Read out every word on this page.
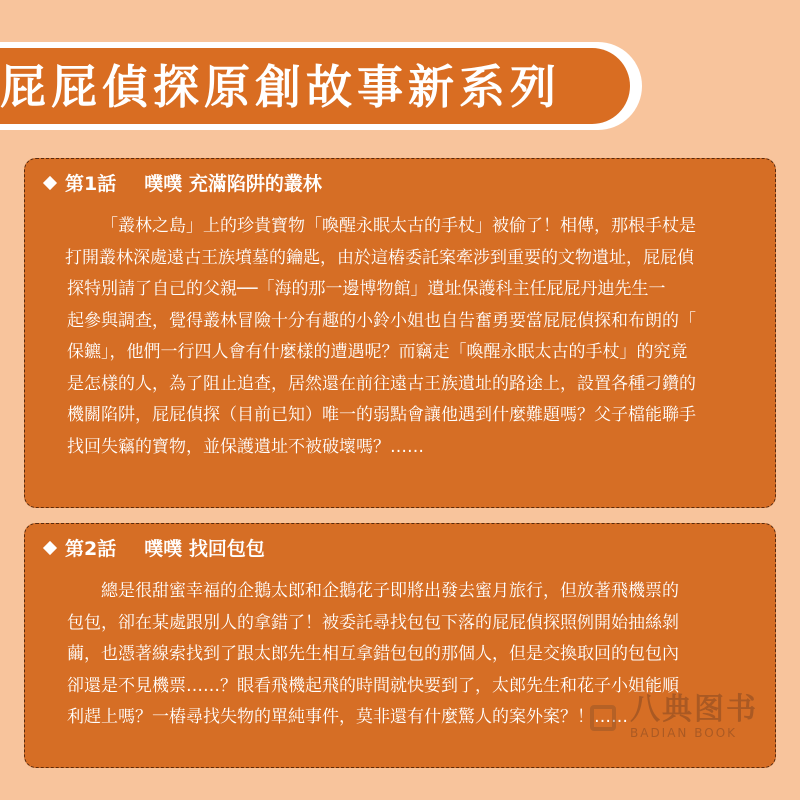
屁屁偵探原創故事新系列
第1話 噗噗 充滿陷阱的叢林
「叢林之島」上的珍貴寶物「喚醒永眠太古的手杖」被偷了！相傳，那根手杖是
打開叢林深處遠古王族墳墓的鑰匙，由於這樁委託案牽涉到重要的文物遺址，屁屁偵
探特別請了自己的父親──「海的那一邊博物館」遺址保護科主任屁屁丹迪先生一
起參與調查，覺得叢林冒險十分有趣的小鈴小姐也自告奮勇要當屁屁偵探和布朗的「
保鑣」，他們一行四人會有什麼樣的遭遇呢？而竊走「喚醒永眠太古的手杖」的究竟
是怎樣的人，為了阻止追查，居然還在前往遠古王族遺址的路途上，設置各種刁鑽的
機關陷阱，屁屁偵探（目前已知）唯一的弱點會讓他遇到什麼難題嗎？父子檔能聯手
找回失竊的寶物，並保護遺址不被破壞嗎？……
第2話 噗噗 找回包包
總是很甜蜜幸福的企鵝太郎和企鵝花子即將出發去蜜月旅行，但放著飛機票的
包包，卻在某處跟別人的拿錯了！被委託尋找包包下落的屁屁偵探照例開始抽絲剝
繭，也憑著線索找到了跟太郎先生相互拿錯包包的那個人，但是交換取回的包包內
卻還是不見機票……？眼看飛機起飛的時間就快要到了，太郎先生和花子小姐能順
利趕上嗎？一樁尋找失物的單純事件，莫非還有什麼驚人的案外案？！…… 八典图书
BADIAN BOOK
